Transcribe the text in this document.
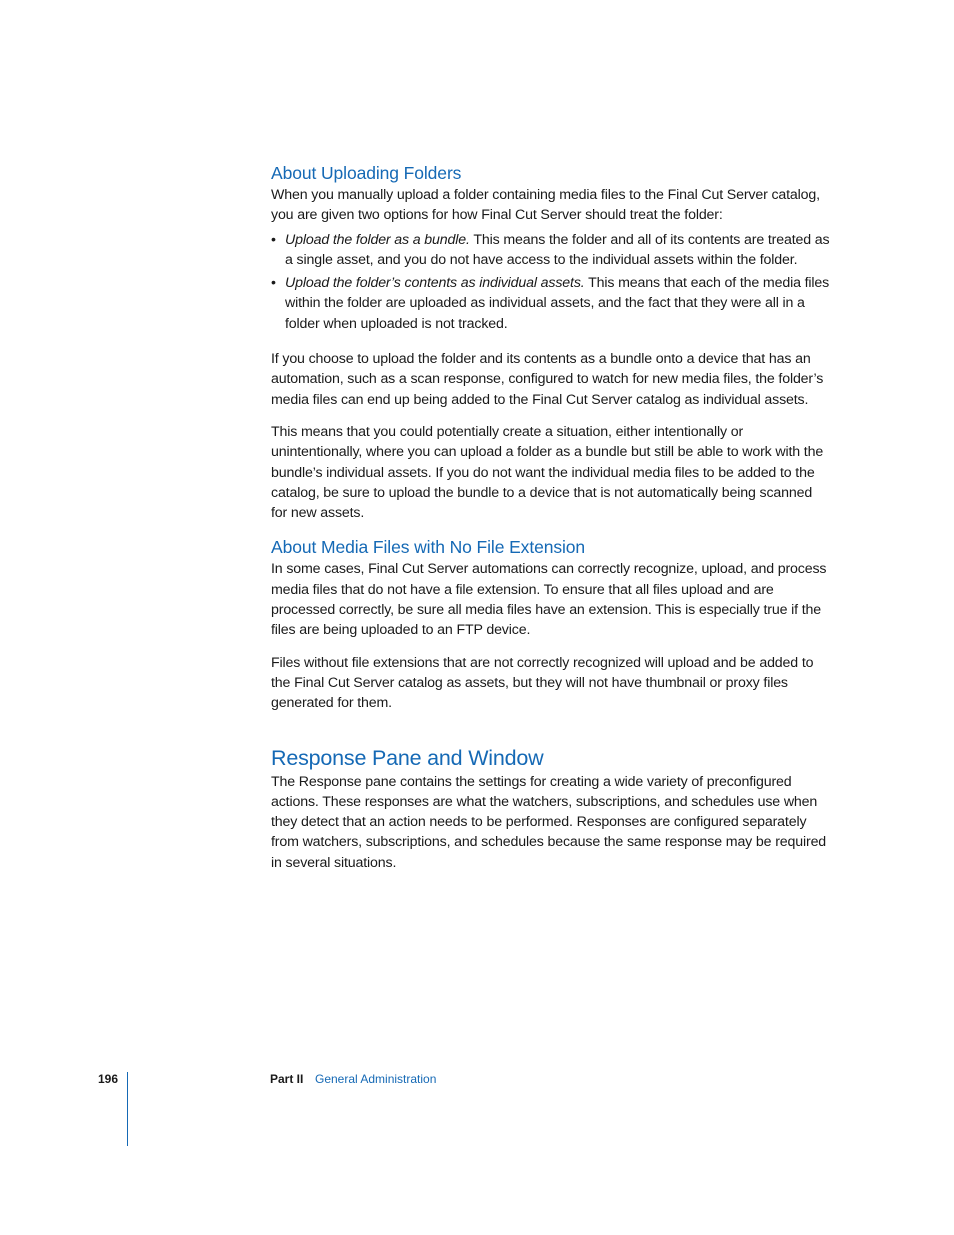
About Uploading Folders

When you manually upload a folder containing media files to the Final Cut Server catalog, you are given two options for how Final Cut Server should treat the folder:

• Upload the folder as a bundle. This means the folder and all of its contents are treated as a single asset, and you do not have access to the individual assets within the folder.
• Upload the folder’s contents as individual assets. This means that each of the media files within the folder are uploaded as individual assets, and the fact that they were all in a folder when uploaded is not tracked.

If you choose to upload the folder and its contents as a bundle onto a device that has an automation, such as a scan response, configured to watch for new media files, the folder’s media files can end up being added to the Final Cut Server catalog as individual assets.

This means that you could potentially create a situation, either intentionally or unintentionally, where you can upload a folder as a bundle but still be able to work with the bundle’s individual assets. If you do not want the individual media files to be added to the catalog, be sure to upload the bundle to a device that is not automatically being scanned for new assets.

About Media Files with No File Extension

In some cases, Final Cut Server automations can correctly recognize, upload, and process media files that do not have a file extension. To ensure that all files upload and are processed correctly, be sure all media files have an extension. This is especially true if the files are being uploaded to an FTP device.

Files without file extensions that are not correctly recognized will upload and be added to the Final Cut Server catalog as assets, but they will not have thumbnail or proxy files generated for them.

Response Pane and Window

The Response pane contains the settings for creating a wide variety of preconfigured actions. These responses are what the watchers, subscriptions, and schedules use when they detect that an action needs to be performed. Responses are configured separately from watchers, subscriptions, and schedules because the same response may be required in several situations.

196	Part II General Administration
